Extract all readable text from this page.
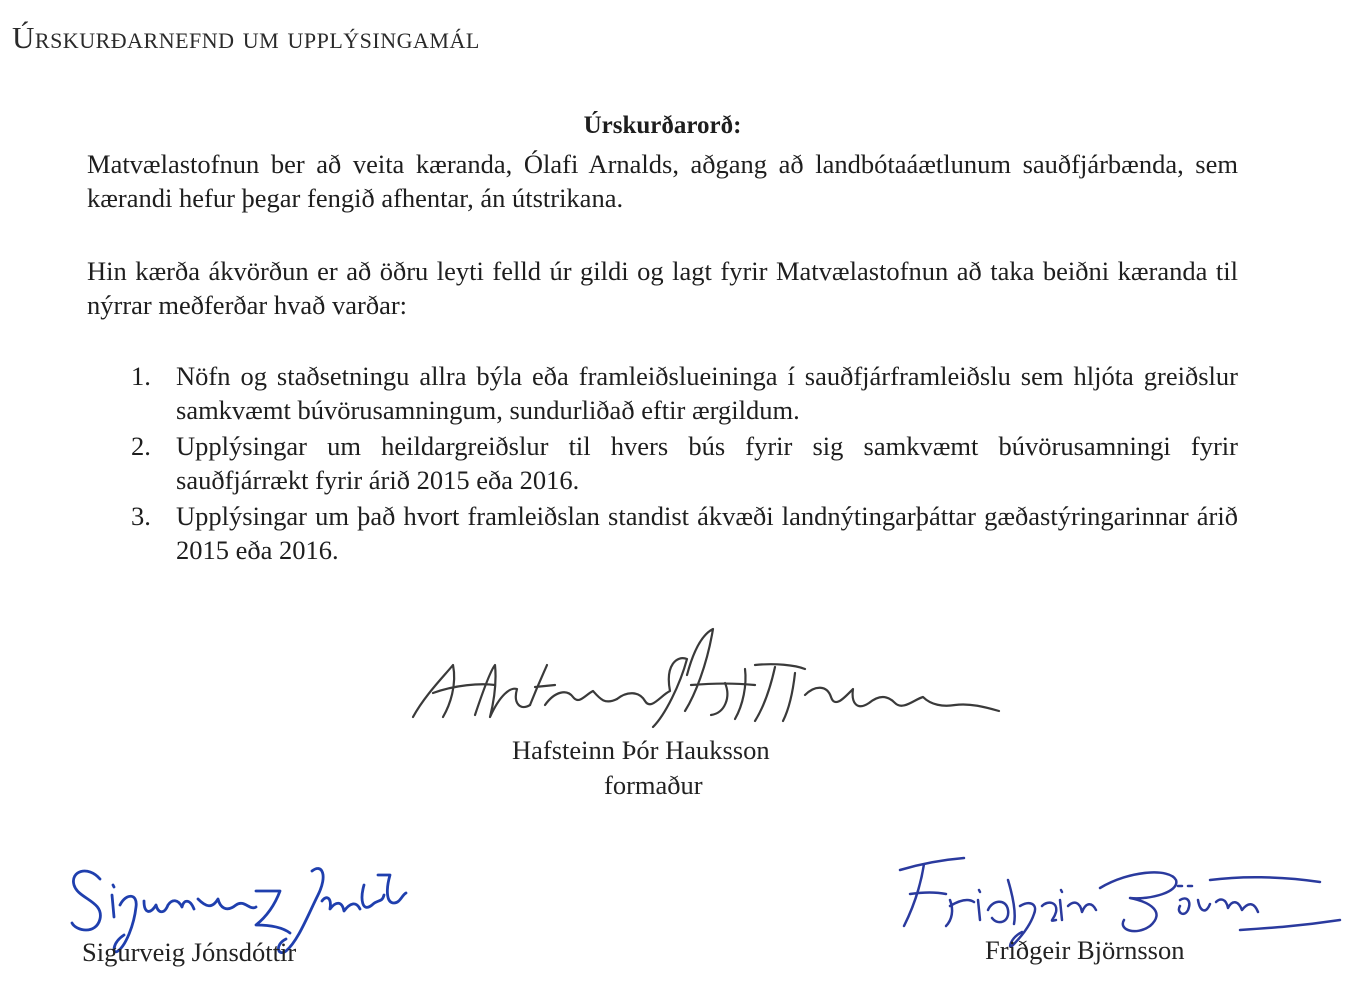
Úrskurðarnefnd um upplýsingamál
Úrskurðarorð:

Matvælastofnun ber að veita kæranda, Ólafi Arnalds, aðgang að landbótaáætlunum sauðfjárbænda, sem kærandi hefur þegar fengið afhentar, án útstrikana.

Hin kærða ákvörðun er að öðru leyti felld úr gildi og lagt fyrir Matvælastofnun að taka beiðni kæranda til nýrrar meðferðar hvað varðar:

1. Nöfn og staðsetningu allra býla eða framleiðslueininga í sauðfjárframleiðslu sem hljóta greiðslur samkvæmt búvörusamningum, sundurliðað eftir ærgildum.
2. Upplýsingar um heildargreiðslur til hvers bús fyrir sig samkvæmt búvörusamningi fyrir sauðfjárrækt fyrir árið 2015 eða 2016.
3. Upplýsingar um það hvort framleiðslan standist ákvæði landnýtingarþáttar gæðastýringarinnar árið 2015 eða 2016.
Hafsteinn Þór Hauksson
formaður
Sigurveig Jónsdóttir	Friðgeir Björnsson
